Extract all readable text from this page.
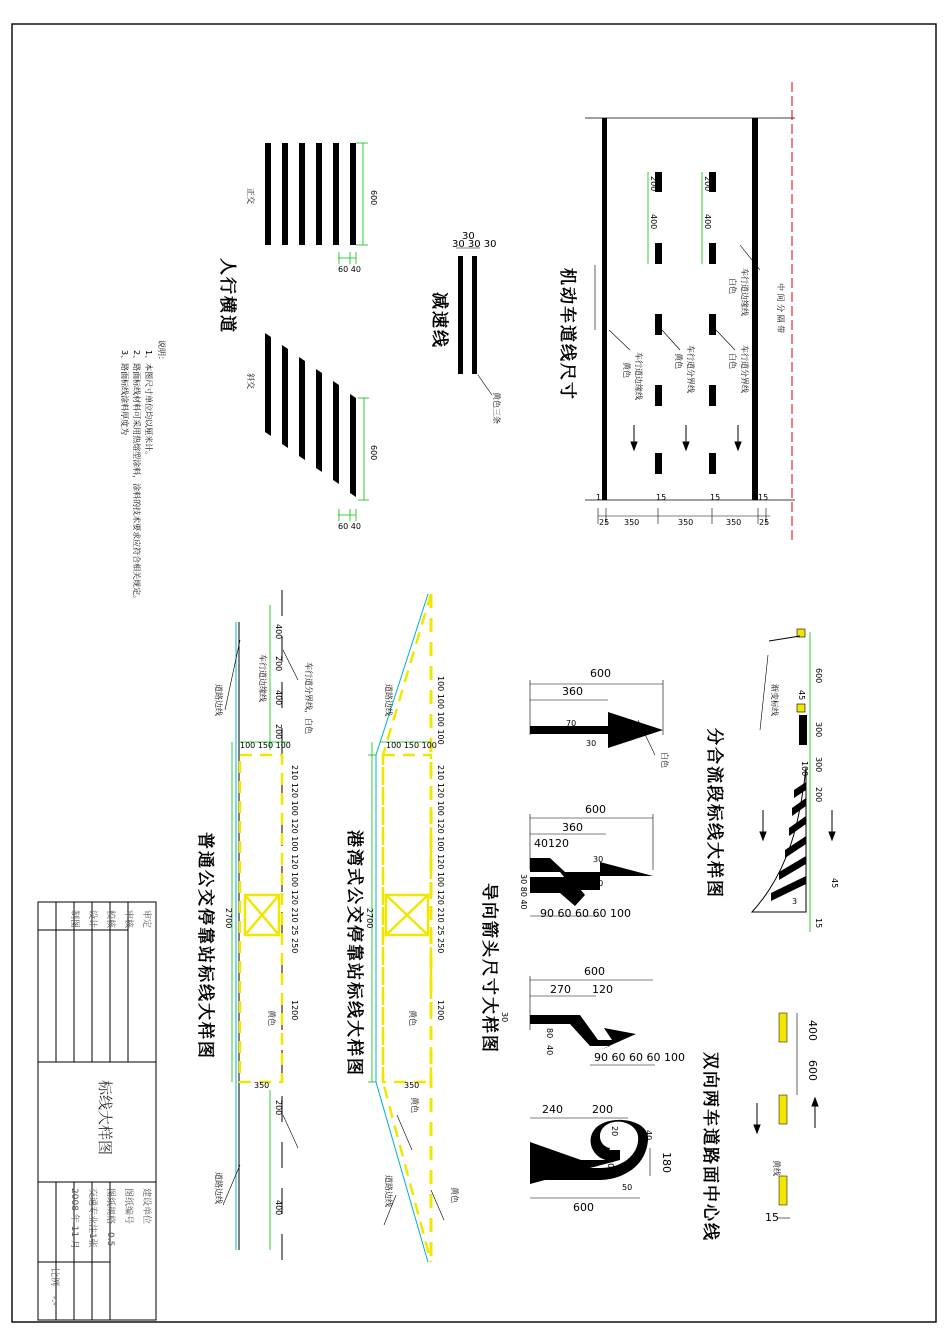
人行横道	减速线	机动车道线尺寸
分合流段标线大样图
导向箭头尺寸大样图
双向两车道路面中心线
港湾式公交停靠站标线大样图
普通公交停靠站标线大样图
正交
斜交
黄色三条
中 间 分 隔 带
车行道边缘线
白色
车行道分界线
白色
车行道分界线
黄色
车行道边缘线
黄色
白色
渐变标线
黄线
车行道边缘线	车行道分界线，白色
道路边线
黄色	黄色
黄色
黄色
道路边线
道路边线
道路边线
说明：
1、本图尺寸单位均以厘米计。
2、路面标线材料可采用热熔型涂料，涂料的技术要求应符合相关规定。
3、路面标线涂料厚度为
600
60 40
600
60 40
30
30 30 30
200
400
200
400
15	15	15	15
25	25
350	350	350
600
45
300
100 300
200
15
3
45
600
360
70
30
600
360
40 120
30
30
30 80 40
90 60 60 60 100
600
270 120
30
80
40
90 60 60 60 100
240	200
20	40
180
20
50
600
400
600
15
100 100 100 100
100 150 100
2700
350
210 120 100 120 100 120 100 120 210 25 250
1200
400
200
400
200
100 150 100
2700
350
210 120 100 120 100 120 100 120 210 25 250
1200
400
200
审定
审核
校核
设计
制图
标线大样图
建设单位
图纸编号
图纸规格
0.5
交通专业注1张
2008 年 11 月
比例
-:-
